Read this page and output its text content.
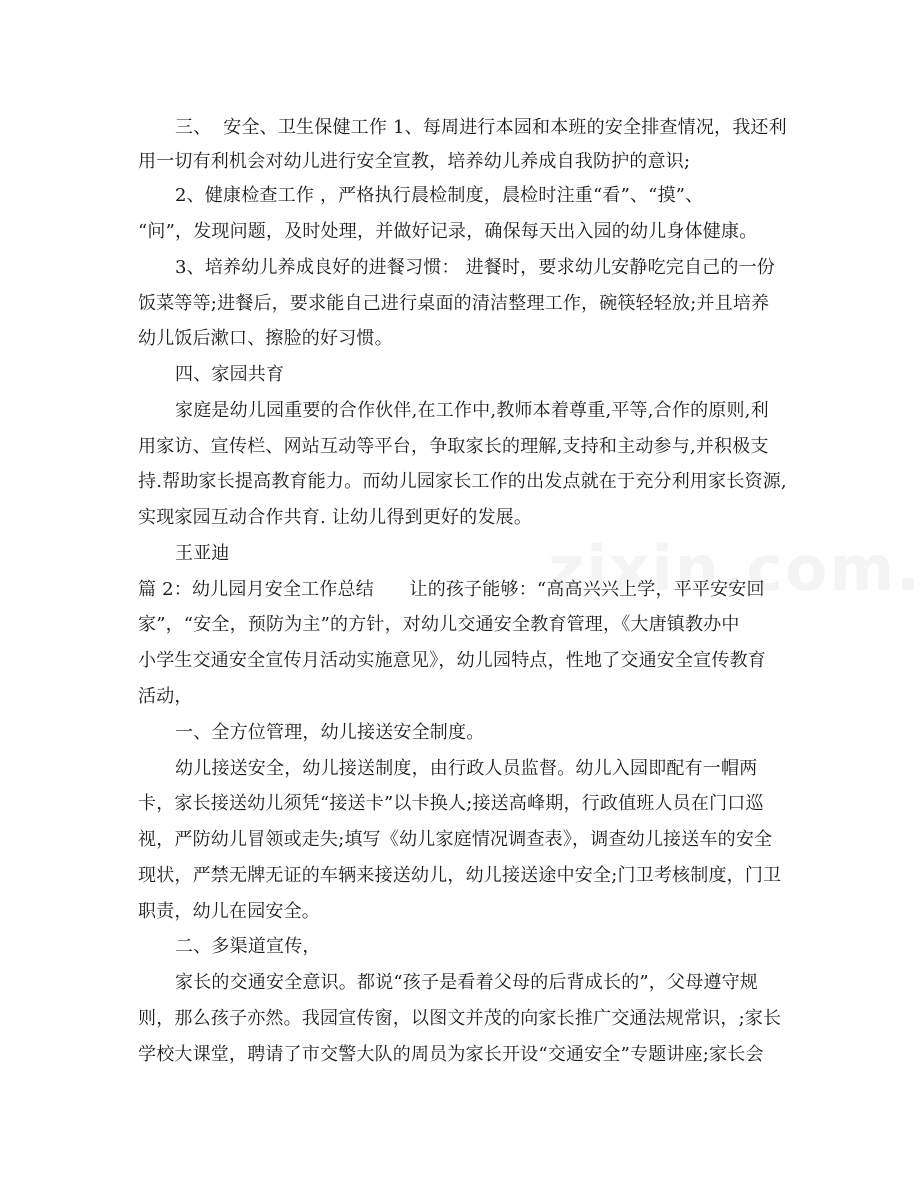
三、  安全、卫生保健工作 1、每周进行本园和本班的安全排查情况，我还利
用一切有利机会对幼儿进行安全宣教，培养幼儿养成自我防护的意识;
2、健康检查工作 ，严格执行晨检制度，晨检时注重“看”、“摸”、
“问”，发现问题，及时处理，并做好记录，确保每天出入园的幼儿身体健康。
3、培养幼儿养成良好的进餐习惯： 进餐时，要求幼儿安静吃完自己的一份
饭菜等等;进餐后，要求能自己进行桌面的清洁整理工作，碗筷轻轻放;并且培养
幼儿饭后漱口、擦脸的好习惯。
四、家园共育
家庭是幼儿园重要的合作伙伴,在工作中,教师本着尊重,平等,合作的原则,利
用家访、宣传栏、网站互动等平台，争取家长的理解,支持和主动参与,并积极支
持.帮助家长提高教育能力。而幼儿园家长工作的出发点就在于充分利用家长资源,
实现家园互动合作共育. 让幼儿得到更好的发展。
王亚迪
篇 2：幼儿园月安全工作总结      让的孩子能够：“高高兴兴上学，平平安安回
家”，“安全，预防为主”的方针，对幼儿交通安全教育管理，《大唐镇教办中
小学生交通安全宣传月活动实施意见》，幼儿园特点，性地了交通安全宣传教育
活动，
一、全方位管理，幼儿接送安全制度。
幼儿接送安全，幼儿接送制度，由行政人员监督。幼儿入园即配有一帽两
卡，家长接送幼儿须凭“接送卡”以卡换人;接送高峰期，行政值班人员在门口巡
视，严防幼儿冒领或走失;填写《幼儿家庭情况调查表》，调查幼儿接送车的安全
现状，严禁无牌无证的车辆来接送幼儿，幼儿接送途中安全;门卫考核制度，门卫
职责，幼儿在园安全。
二、多渠道宣传，
家长的交通安全意识。都说“孩子是看着父母的后背成长的”，父母遵守规
则，那么孩子亦然。我园宣传窗，以图文并茂的向家长推广交通法规常识，;家长
学校大课堂，聘请了市交警大队的周员为家长开设“交通安全”专题讲座;家长会
